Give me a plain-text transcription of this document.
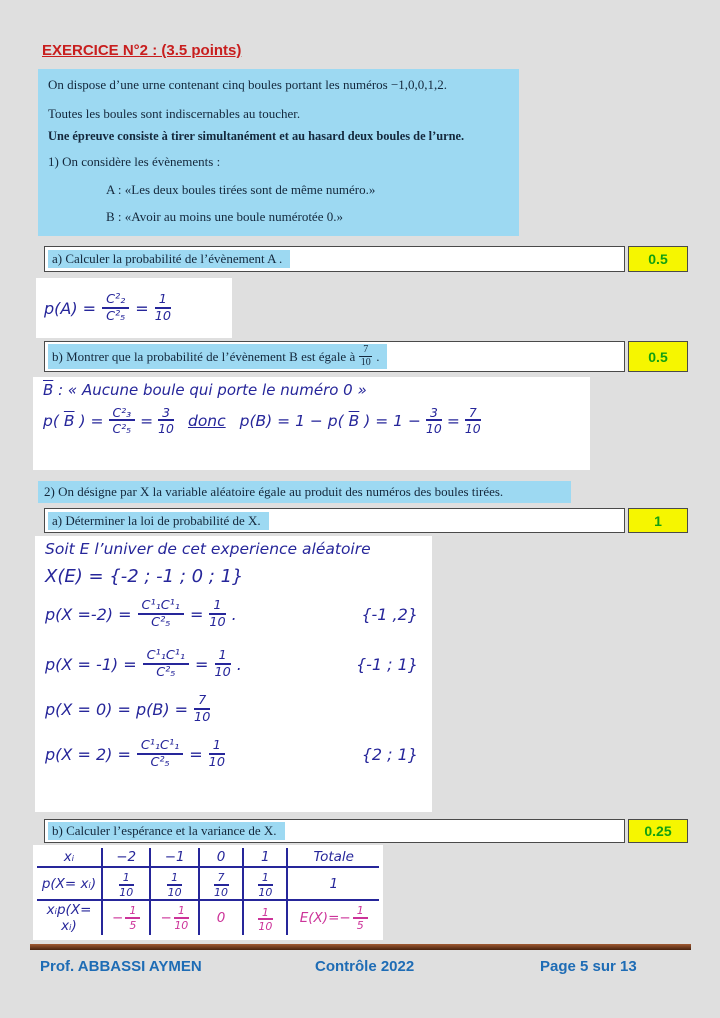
EXERCICE N°2 : (3.5 points)

On dispose d’une urne contenant cinq boules portant les numéros −1,0,0,1,2.

Toutes les boules sont indiscernables au toucher.

Une épreuve consiste à tirer simultanément et au hasard deux boules de l’urne.

1) On considère les évènements :

A : «Les deux boules tirées sont de même numéro.»

B : «Avoir au moins une boule numérotée 0.»

a) Calculer la probabilité de l’évènement A .	0.5
$p(A) = \frac{\text{C²₂}}{\text{C²₅}} = \frac{1}{10}$
b) Montrer que la probabilité de l’évènement B est égale à $\frac{7}{10}$ .	0.5
$\overline{B}$ : « Aucune boule qui porte le numéro 0 »
p( $\overline{B}$ ) = $\frac{\text{C²₃}}{\text{C²₅}} = \frac{3}{10}$ donc p(B) = 1 − p( $\overline{B}$ ) = $1 - \frac{3}{10} = \frac{7}{10}$
2) On désigne par X la variable aléatoire égale au produit des numéros des boules tirées.
a) Déterminer la loi de probabilité de X.	1
Soit E l’univer de cet experience aléatoire
X(E) = {-2 ; -1 ; 0 ; 1}
$p(X =-2) = \frac{\text{C¹₁C¹₁}}{\text{C²₅}} = \frac{1}{10}$ .	{-1 ,2}
$p(X = -1) = \frac{\text{C¹₁C¹₁}}{\text{C²₅}} = \frac{1}{10}$ .	{-1 ; 1}
$p(X = 0) = p(B) = \frac{7}{10}$
$p(X = 2) = \frac{\text{C¹₁C¹₁}}{\text{C²₅}} = \frac{1}{10}$	{2 ; 1}
b) Calculer l’espérance et la variance de X.	0.25
xᵢ	−2	−1	0	1	Totale
p(X= xᵢ)	$\frac{1}{10}$	$\frac{1}{10}$	$\frac{7}{10}$	$\frac{1}{10}$	1
xᵢp(X= xᵢ)	− $\frac{1}{5}$	− $\frac{1}{10}$	0	$\frac{1}{10}$	$E(X)=- \frac{1}{5}$
Prof. ABBASSI AYMEN	Contrôle 2022	Page 5 sur 13
